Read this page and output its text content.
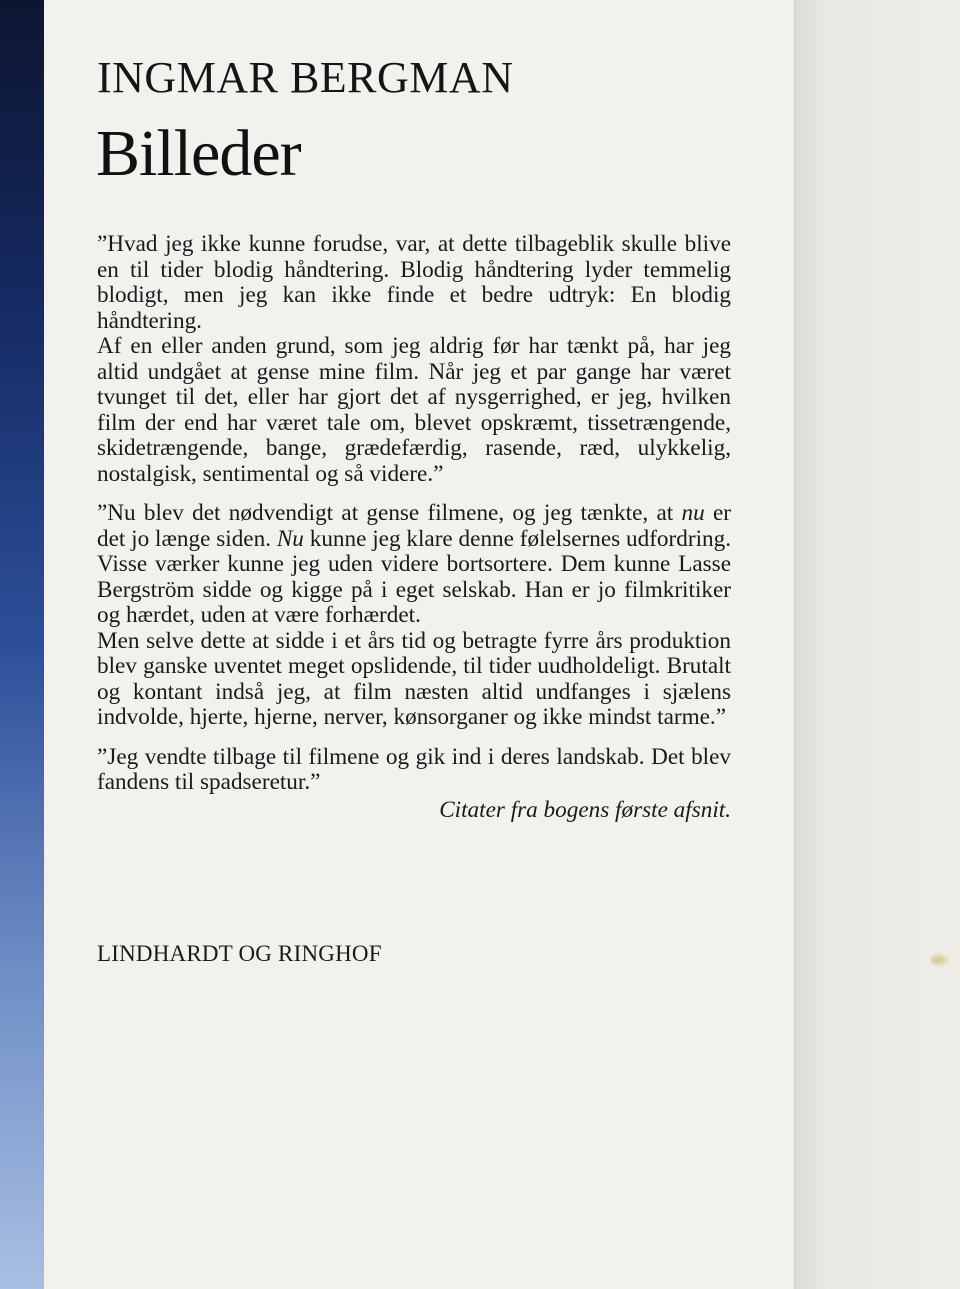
INGMAR BERGMAN
Billeder

”Hvad jeg ikke kunne forudse, var, at dette tilbageblik skulle blive en til tider blodig håndtering. Blodig håndtering lyder temmelig blodigt, men jeg kan ikke finde et bedre udtryk: En blodig håndtering.

Af en eller anden grund, som jeg aldrig før har tænkt på, har jeg altid undgået at gense mine film. Når jeg et par gange har været tvunget til det, eller har gjort det af nysgerrighed, er jeg, hvilken film der end har været tale om, blevet opskræmt, tissetrængende, skidetrængende, bange, grædefærdig, rasende, ræd, ulykkelig, nostalgisk, sentimental og så videre.”

”Nu blev det nødvendigt at gense filmene, og jeg tænkte, at nu er det jo længe siden. Nu kunne jeg klare denne følelsernes udfordring. Visse værker kunne jeg uden videre bortsortere. Dem kunne Lasse Bergström sidde og kigge på i eget selskab. Han er jo filmkritiker og hærdet, uden at være forhærdet.

Men selve dette at sidde i et års tid og betragte fyrre års produktion blev ganske uventet meget opslidende, til tider uudholdeligt. Brutalt og kontant indså jeg, at film næsten altid undfanges i sjælens indvolde, hjerte, hjerne, nerver, kønsorganer og ikke mindst tarme.”

”Jeg vendte tilbage til filmene og gik ind i deres landskab. Det blev fandens til spadseretur.”

Citater fra bogens første afsnit.

LINDHARDT OG RINGHOF
